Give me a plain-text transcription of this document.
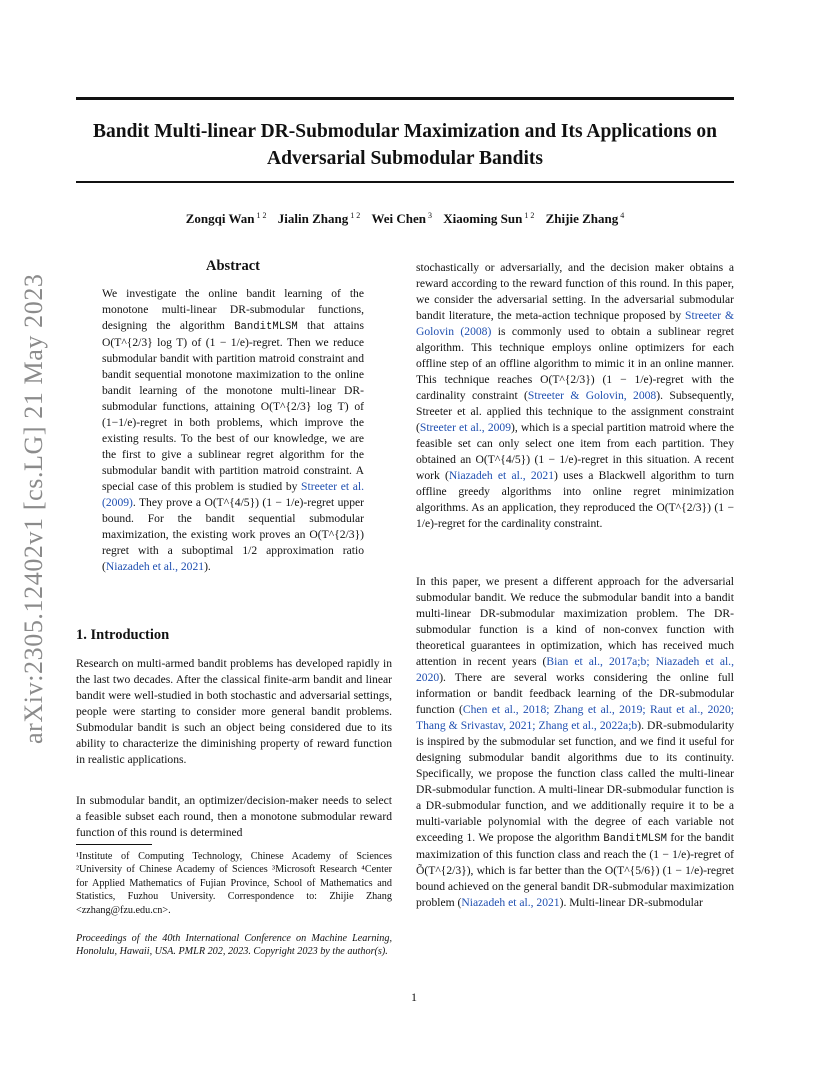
Bandit Multi-linear DR-Submodular Maximization and Its Applications on Adversarial Submodular Bandits
Zongqi Wan $^{1 2}$ Jialin Zhang $^{1 2}$ Wei Chen $^3$ Xiaoming Sun $^{1 2}$ Zhijie Zhang $^4$
arXiv:2305.12402v1 [cs.LG] 21 May 2023
Abstract
We investigate the online bandit learning of the monotone multi-linear DR-submodular functions, designing the algorithm BanditMLSM that attains O(T^{2/3} log T) of (1 − 1/e)-regret. Then we reduce submodular bandit with partition matroid constraint and bandit sequential monotone maximization to the online bandit learning of the monotone multi-linear DR-submodular functions, attaining O(T^{2/3} log T) of (1−1/e)-regret in both problems, which improve the existing results. To the best of our knowledge, we are the first to give a sublinear regret algorithm for the submodular bandit with partition matroid constraint. A special case of this problem is studied by Streeter et al. (2009). They prove a O(T^{4/5}) (1 − 1/e)-regret upper bound. For the bandit sequential submodular maximization, the existing work proves an O(T^{2/3}) regret with a suboptimal 1/2 approximation ratio (Niazadeh et al., 2021).
1. Introduction
Research on multi-armed bandit problems has developed rapidly in the last two decades. After the classical finite-arm bandit and linear bandit were well-studied in both stochastic and adversarial settings, people were starting to consider more general bandit problems. Submodular bandit is such an object being considered due to its ability to characterize the diminishing property of reward function in realistic applications.
In submodular bandit, an optimizer/decision-maker needs to select a feasible subset each round, then a monotone submodular reward function of this round is determined
¹Institute of Computing Technology, Chinese Academy of Sciences ²University of Chinese Academy of Sciences ³Microsoft Research ⁴Center for Applied Mathematics of Fujian Province, School of Mathematics and Statistics, Fuzhou University. Correspondence to: Zhijie Zhang <zzhang@fzu.edu.cn>.
Proceedings of the 40th International Conference on Machine Learning, Honolulu, Hawaii, USA. PMLR 202, 2023. Copyright 2023 by the author(s).
stochastically or adversarially, and the decision maker obtains a reward according to the reward function of this round. In this paper, we consider the adversarial setting. In the adversarial submodular bandit literature, the meta-action technique proposed by Streeter & Golovin (2008) is commonly used to obtain a sublinear regret algorithm. This technique employs online optimizers for each offline step of an offline algorithm to mimic it in an online manner. This technique reaches O(T^{2/3}) (1 − 1/e)-regret with the cardinality constraint (Streeter & Golovin, 2008). Subsequently, Streeter et al. applied this technique to the assignment constraint (Streeter et al., 2009), which is a special partition matroid where the feasible set can only select one item from each partition. They obtained an O(T^{4/5}) (1 − 1/e)-regret in this situation. A recent work (Niazadeh et al., 2021) uses a Blackwell algorithm to turn offline greedy algorithms into online regret minimization algorithms. As an application, they reproduced the O(T^{2/3}) (1 − 1/e)-regret for the cardinality constraint.
In this paper, we present a different approach for the adversarial submodular bandit. We reduce the submodular bandit into a bandit multi-linear DR-submodular maximization problem. The DR-submodular function is a kind of non-convex function with theoretical guarantees in optimization, which has received much attention in recent years (Bian et al., 2017a;b; Niazadeh et al., 2020). There are several works considering the online full information or bandit feedback learning of the DR-submodular function (Chen et al., 2018; Zhang et al., 2019; Raut et al., 2020; Thang & Srivastav, 2021; Zhang et al., 2022a;b). DR-submodularity is inspired by the submodular set function, and we find it useful for designing submodular bandit algorithms due to its continuity. Specifically, we propose the function class called the multi-linear DR-submodular function. A multi-linear DR-submodular function is a DR-submodular function, and we additionally require it to be a multi-variable polynomial with the degree of each variable not exceeding 1. We propose the algorithm BanditMLSM for the bandit maximization of this function class and reach the (1 − 1/e)-regret of Õ(T^{2/3}), which is far better than the O(T^{5/6}) (1 − 1/e)-regret bound achieved on the general bandit DR-submodular maximization problem (Niazadeh et al., 2021). Multi-linear DR-submodular
1
